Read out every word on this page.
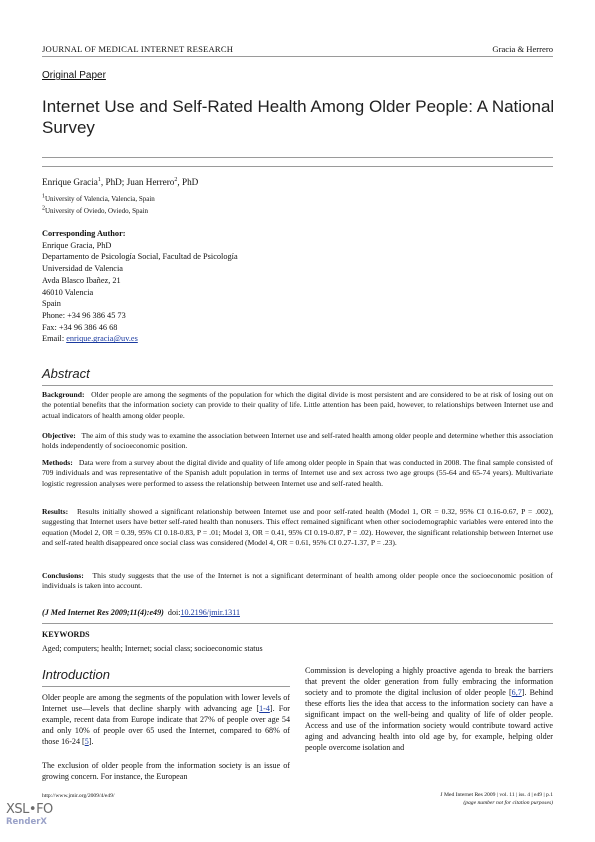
JOURNAL OF MEDICAL INTERNET RESEARCH	Gracia & Herrero
Original Paper
Internet Use and Self-Rated Health Among Older People: A National Survey
Enrique Gracia$^1$, PhD; Juan Herrero$^2$, PhD
$^1$University of Valencia, Valencia, Spain
$^2$University of Oviedo, Oviedo, Spain
Corresponding Author:
Enrique Gracia, PhD
Departamento de Psicología Social, Facultad de Psicología
Universidad de Valencia
Avda Blasco Ibañez, 21
46010 Valencia
Spain
Phone: +34 96 386 45 73
Fax: +34 96 386 46 68
Email: enrique.gracia@uv.es
Abstract
Background: Older people are among the segments of the population for which the digital divide is most persistent and are considered to be at risk of losing out on the potential benefits that the information society can provide to their quality of life. Little attention has been paid, however, to relationships between Internet use and actual indicators of health among older people.
Objective: The aim of this study was to examine the association between Internet use and self-rated health among older people and determine whether this association holds independently of socioeconomic position.
Methods: Data were from a survey about the digital divide and quality of life among older people in Spain that was conducted in 2008. The final sample consisted of 709 individuals and was representative of the Spanish adult population in terms of Internet use and sex across two age groups (55-64 and 65-74 years). Multivariate logistic regression analyses were performed to assess the relationship between Internet use and self-rated health.
Results: Results initially showed a significant relationship between Internet use and poor self-rated health (Model 1, OR = 0.32, 95% CI 0.16-0.67, P = .002), suggesting that Internet users have better self-rated health than nonusers. This effect remained significant when other sociodemographic variables were entered into the equation (Model 2, OR = 0.39, 95% CI 0.18-0.83, P = .01; Model 3, OR = 0.41, 95% CI 0.19-0.87, P = .02). However, the significant relationship between Internet use and self-rated health disappeared once social class was considered (Model 4, OR = 0.61, 95% CI 0.27-1.37, P = .23).
Conclusions: This study suggests that the use of the Internet is not a significant determinant of health among older people once the socioeconomic position of individuals is taken into account.
(J Med Internet Res 2009;11(4):e49) doi:10.2196/jmir.1311
KEYWORDS
Aged; computers; health; Internet; social class; socioeconomic status
Introduction
Older people are among the segments of the population with lower levels of Internet use—levels that decline sharply with advancing age [1-4]. For example, recent data from Europe indicate that 27% of people over age 54 and only 10% of people over 65 used the Internet, compared to 68% of those 16-24 [5].
The exclusion of older people from the information society is an issue of growing concern. For instance, the European
Commission is developing a highly proactive agenda to break the barriers that prevent the older generation from fully embracing the information society and to promote the digital inclusion of older people [6,7]. Behind these efforts lies the idea that access to the information society can have a significant impact on the well-being and quality of life of older people. Access and use of the information society would contribute toward active aging and advancing health into old age by, for example, helping older people overcome isolation and
http://www.jmir.org/2009/4/e49/	J Med Internet Res 2009 | vol. 11 | iss. 4 | e49 | p.1
(page number not for citation purposes)
XSL•FO
RenderX
